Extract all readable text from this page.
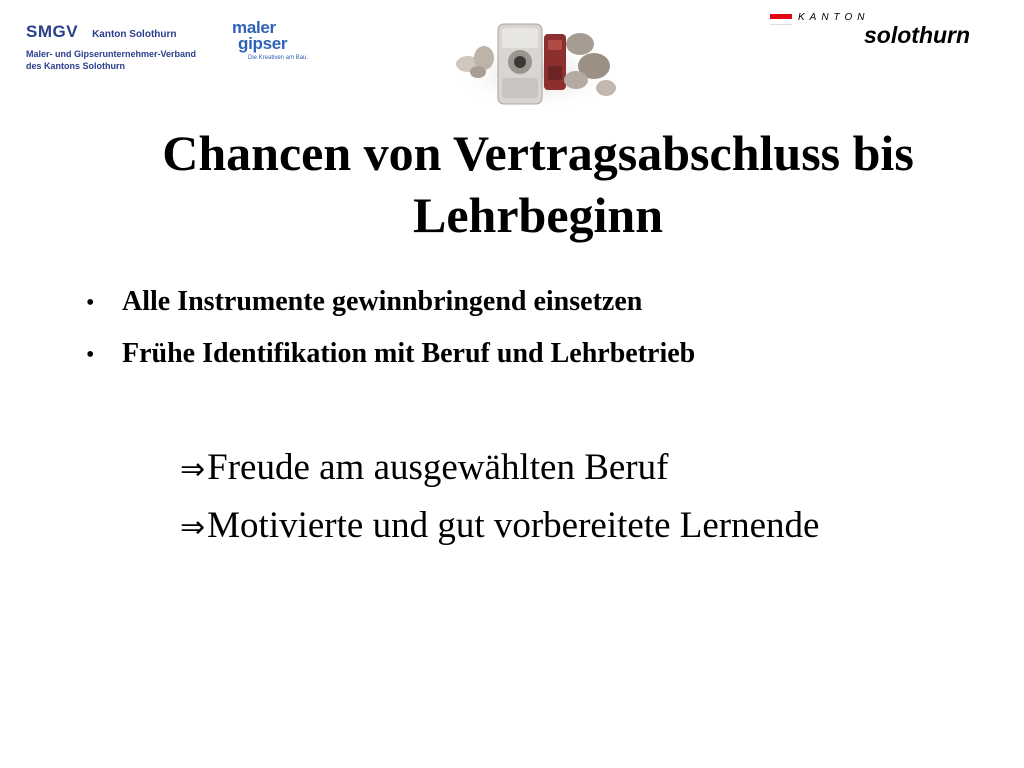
SMGV Kanton Solothurn
Maler- und Gipserunternehmer-Verband
des Kantons Solothurn
maler
gipser
Die Kreativen am Bau.
KANTON
solothurn
Chancen von Vertragsabschluss bis
Lehrbeginn
• Alle Instrumente gewinnbringend einsetzen
• Frühe Identifikation mit Beruf und Lehrbetrieb
⇒ Freude am ausgewählten Beruf
⇒ Motivierte und gut vorbereitete Lernende
